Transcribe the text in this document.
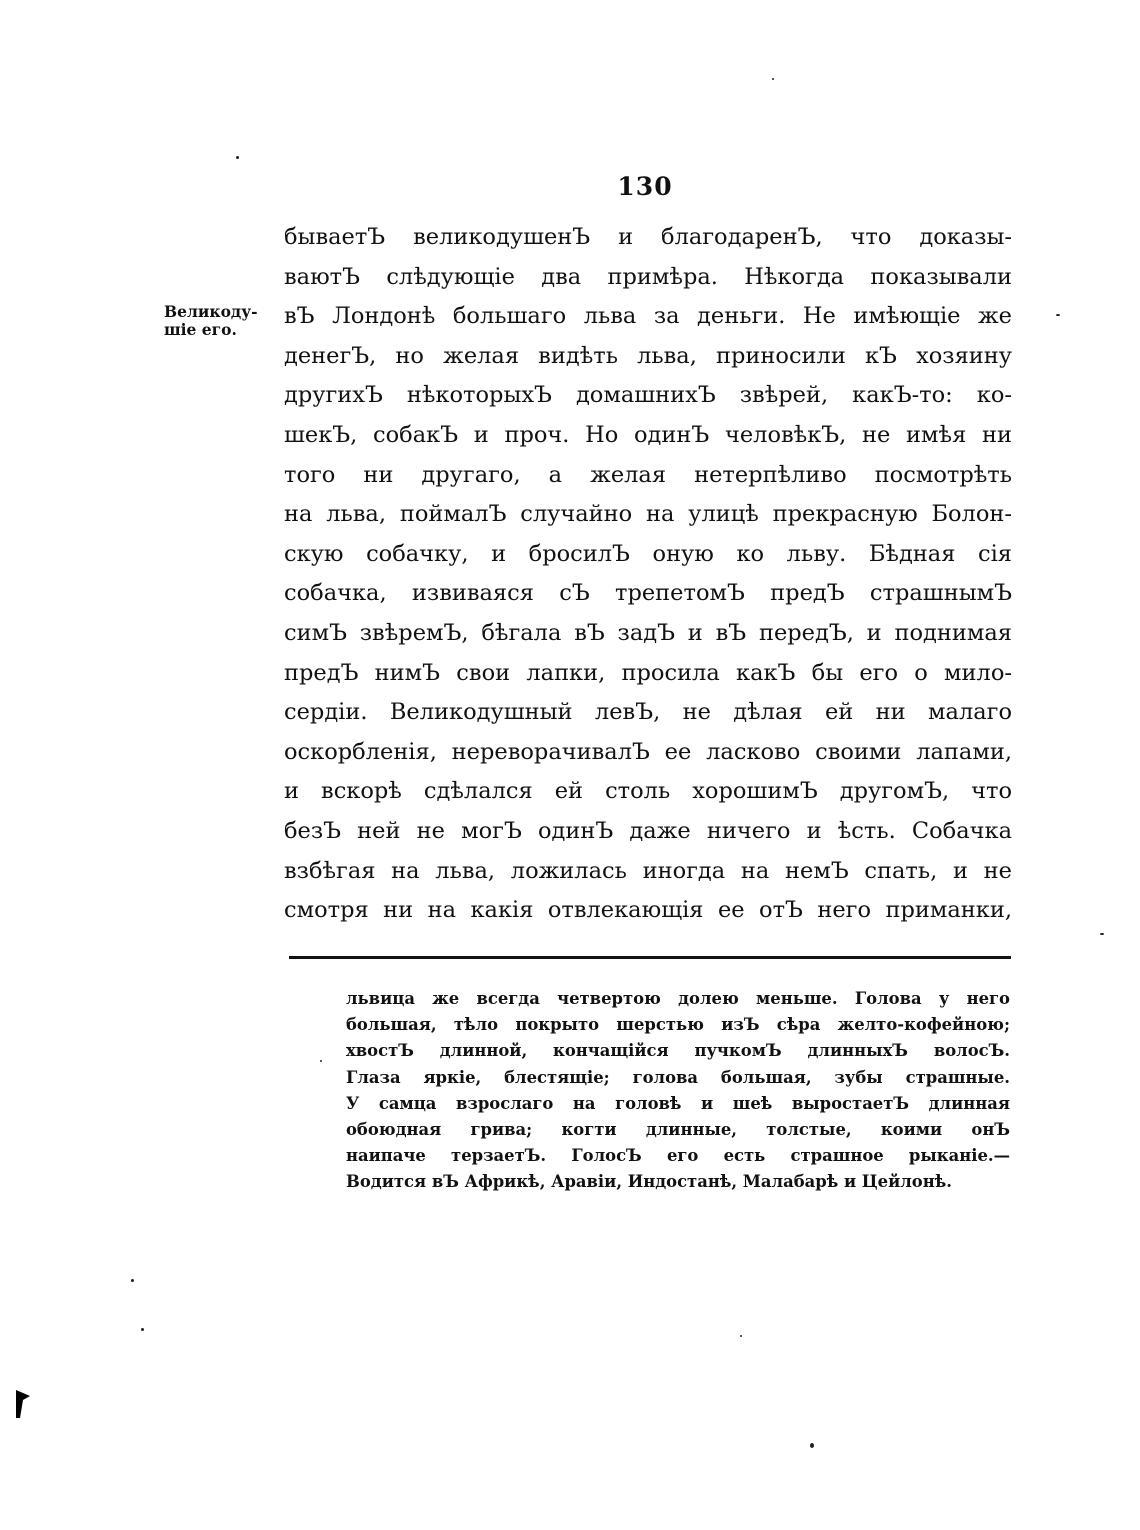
130
Великоду-
шіе его.
бываетЪ великодушенЪ и благодаренЪ, что доказы-
ваютЪ слѣдующіе два примѣра. Нѣкогда показывали
вЪ Лондонѣ большаго льва за деньги. Не имѣющіе же
денегЪ, но желая видѣть льва, приносили кЪ хозяину
другихЪ нѣкоторыхЪ домашнихЪ звѣрей, какЪ-то: ко-
шекЪ, собакЪ и проч. Но одинЪ человѣкЪ, не имѣя ни
того ни другаго, а желая нетерпѣливо посмотрѣть
на льва, поймалЪ случайно на улицѣ прекрасную Болон-
скую собачку, и бросилЪ оную ко льву. Бѣдная сія
собачка, извиваяся сЪ трепетомЪ предЪ страшнымЪ
симЪ звѣремЪ, бѣгала вЪ задЪ и вЪ передЪ, и поднимая
предЪ нимЪ свои лапки, просила какЪ бы его о мило-
сердіи. Великодушный левЪ, не дѣлая ей ни малаго
оскорбленія, неревoрачивалЪ ее ласково своими лапами,
и вскорѣ сдѣлался ей столь хорошимЪ другомЪ, что
безЪ ней не могЪ одинЪ даже ничего и ѣсть. Собачка
взбѣгая на льва, ложилась иногда на немЪ спать, и не
смотря ни на какія отвлекающія ее отЪ него приманки,
львица же всегда четвертою долею меньше. Голова у него
большая, тѣло покрыто шерстью изЪ сѣра желто-кофейною;
хвостЪ длинной, кончащійся пучкомЪ длинныхЪ волосЪ.
Глаза яркіе, блестящіе; голова большая, зубы страшные.
У самца взрослаго на головѣ и шеѣ выростаетЪ длинная
обоюдная грива; когти длинные, толстые, коими онЪ
наипаче терзаетЪ. ГолосЪ его есть страшное рыканіе.—
Водится вЪ Африкѣ, Аравіи, Индостанѣ, Малабарѣ и Цейлонѣ.
